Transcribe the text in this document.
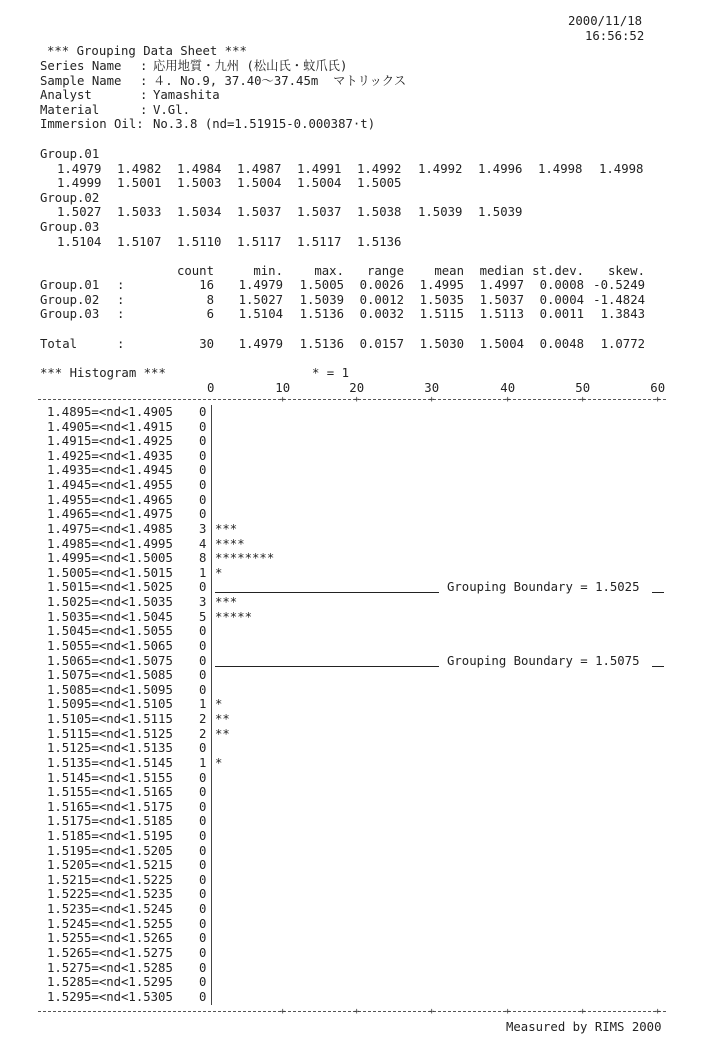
2000/11/18
16:56:52
*** Grouping Data Sheet ***
Series Name : 応用地質・九州 (松山氏・蚊爪氏)
Sample Name : ４. No.9, 37.40〜37.45m  マトリックス
Analyst	: Yamashita
Material	: V.Gl.
Immersion Oil: No.3.8 (nd=1.51915-0.000387·t)
Group.01
1.4979 1.4982 1.4984 1.4987 1.4991 1.4992 1.4992 1.4996 1.4998 1.4998
1.4999 1.5001 1.5003 1.5004 1.5004 1.5005
Group.02
1.5027 1.5033 1.5034 1.5037 1.5037 1.5038 1.5039 1.5039
Group.03
1.5104 1.5107 1.5110 1.5117 1.5117 1.5136
count	min.	max. range mean median st.dev. skew.
Group.01 :	16 1.4979 1.5005 0.0026 1.4995 1.4997 0.0008 -0.5249
Group.02 :	8 1.5027 1.5039 0.0012 1.5035 1.5037 0.0004 -1.4824
Group.03 :	6 1.5104 1.5136 0.0032 1.5115 1.5113 0.0011 1.3843
Total	:	30 1.4979 1.5136 0.0157 1.5030 1.5004 0.0048 1.0772
*** Histogram ***	* = 1
0	10	20	30	40	50	60
+	+	+	+	+	+
1.4895=<nd<1.4905 0
1.4905=<nd<1.4915 0
1.4915=<nd<1.4925 0
1.4925=<nd<1.4935 0
1.4935=<nd<1.4945 0
1.4945=<nd<1.4955 0
1.4955=<nd<1.4965 0
1.4965=<nd<1.4975 0
1.4975=<nd<1.4985 3 ***
1.4985=<nd<1.4995 4 ****
1.4995=<nd<1.5005 8 ********
1.5005=<nd<1.5015 1 *
1.5015=<nd<1.5025 0	Grouping Boundary = 1.5025
1.5025=<nd<1.5035 3 ***
1.5035=<nd<1.5045 5 *****
1.5045=<nd<1.5055 0
1.5055=<nd<1.5065 0
1.5065=<nd<1.5075 0	Grouping Boundary = 1.5075
1.5075=<nd<1.5085 0
1.5085=<nd<1.5095 0
1.5095=<nd<1.5105 1 *
1.5105=<nd<1.5115 2 **
1.5115=<nd<1.5125 2 **
1.5125=<nd<1.5135 0
1.5135=<nd<1.5145 1 *
1.5145=<nd<1.5155 0
1.5155=<nd<1.5165 0
1.5165=<nd<1.5175 0
1.5175=<nd<1.5185 0
1.5185=<nd<1.5195 0
1.5195=<nd<1.5205 0
1.5205=<nd<1.5215 0
1.5215=<nd<1.5225 0
1.5225=<nd<1.5235 0
1.5235=<nd<1.5245 0
1.5245=<nd<1.5255 0
1.5255=<nd<1.5265 0
1.5265=<nd<1.5275 0
1.5275=<nd<1.5285 0
1.5285=<nd<1.5295 0
1.5295=<nd<1.5305 0
+	+	+	+	+	+
Measured by RIMS 2000
